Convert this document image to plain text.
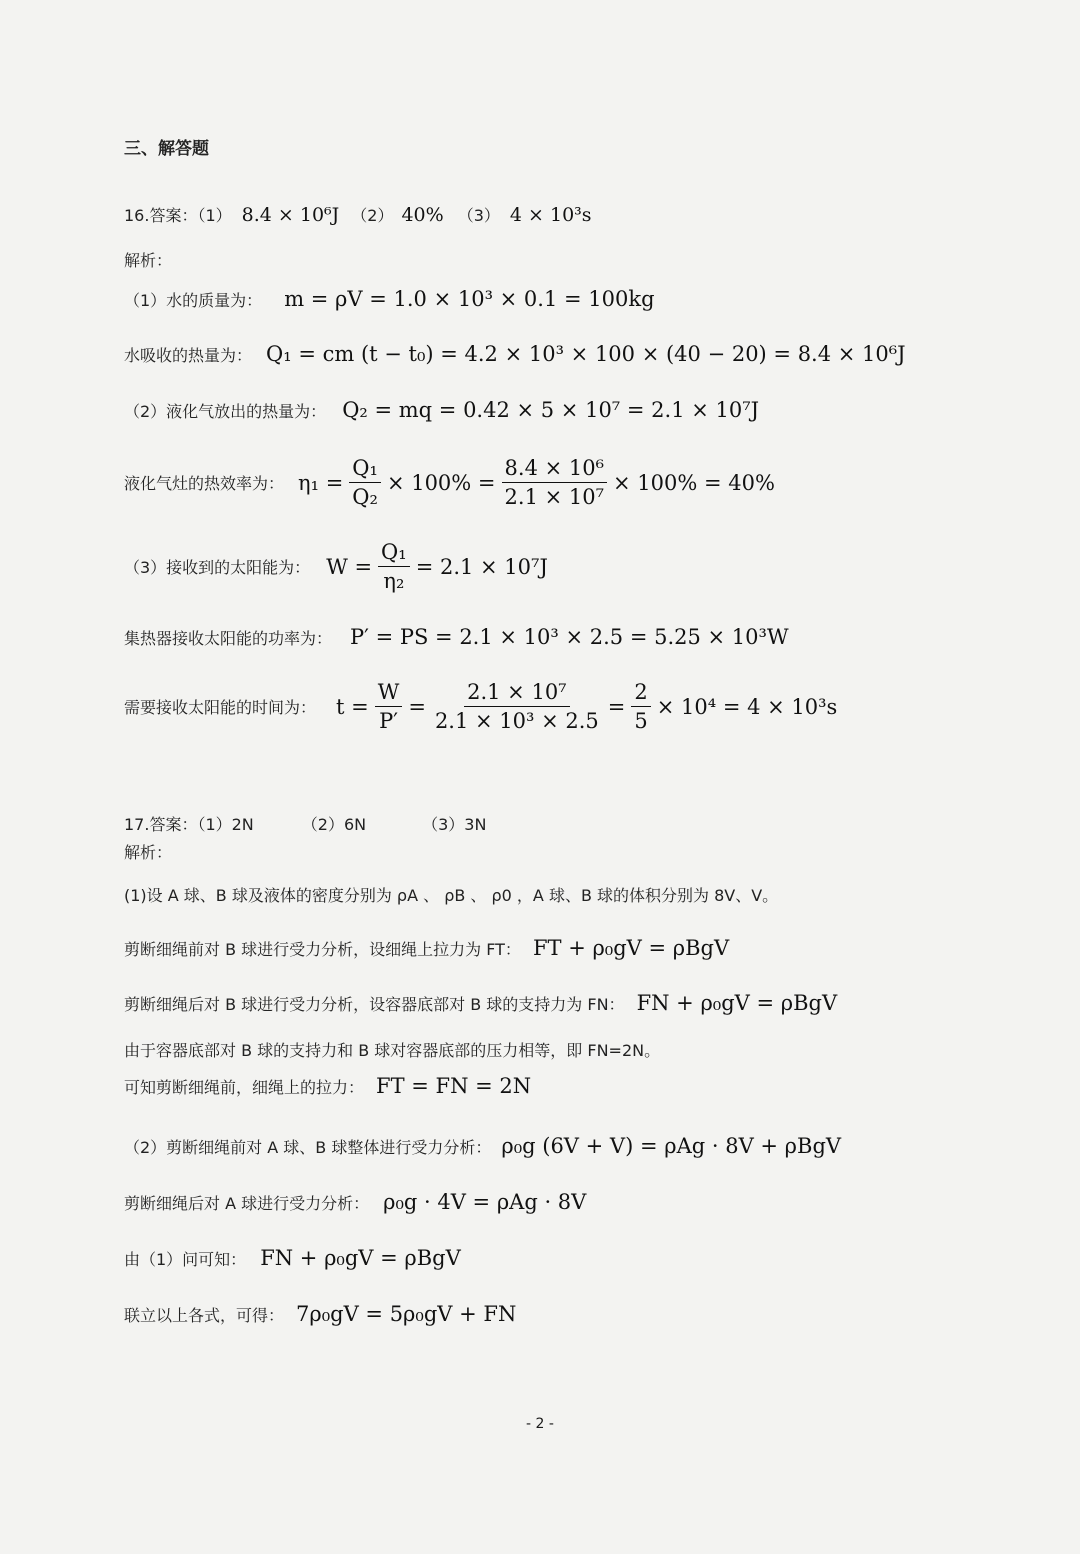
三、解答题
16.答案：（1） 8.4 × 10⁶J （2） 40% （3） 4 × 10³s
解析：
（1）水的质量为： m = ρV = 1.0 × 10³ × 0.1 = 100kg
水吸收的热量为： Q₁ = cm (t − t₀) = 4.2 × 10³ × 100 × (40 − 20) = 8.4 × 10⁶J
（2）液化气放出的热量为： Q₂ = mq = 0.42 × 5 × 10⁷ = 2.1 × 10⁷J
液化气灶的热效率为： $\eta_1 = \frac{\text{Q₁}}{\text{Q₂}} \times 100\% = \frac{\text{8.4 × 10⁶}}{\text{2.1 × 10⁷}} \times 100\% = 40\%$
（3）接收到的太阳能为： $W = \frac{\text{Q₁}}{\text{η₂}} = 2.1 \times 10^7J$
集热器接收太阳能的功率为： P′ = PS = 2.1 × 10³ × 2.5 = 5.25 × 10³W
需要接收太阳能的时间为： $t = \frac{W}{P'} = \frac{\text{2.1 × 10⁷}}{\text{2.1 × 10³ × 2.5}} = \frac{2}{5} \times 10^4 = 4 \times 10^3s$

17.答案：（1）2N	（2）6N	（3）3N
解析：
(1)设 A 球、B 球及液体的密度分别为 ρA 、 ρB 、 ρ0 ，A 球、B 球的体积分别为 8V、V。
剪断细绳前对 B 球进行受力分析，设细绳上拉力为 FT： FT + ρ₀gV = ρBgV
剪断细绳后对 B 球进行受力分析，设容器底部对 B 球的支持力为 FN： FN + ρ₀gV = ρBgV
由于容器底部对 B 球的支持力和 B 球对容器底部的压力相等，即 FN=2N。
可知剪断细绳前，细绳上的拉力： FT = FN = 2N
（2）剪断细绳前对 A 球、B 球整体进行受力分析： ρ₀g (6V + V) = ρAg · 8V + ρBgV
剪断细绳后对 A 球进行受力分析： ρ₀g · 4V = ρAg · 8V
由（1）问可知： FN + ρ₀gV = ρBgV
联立以上各式，可得： 7ρ₀gV = 5ρ₀gV + FN
- 2 -
